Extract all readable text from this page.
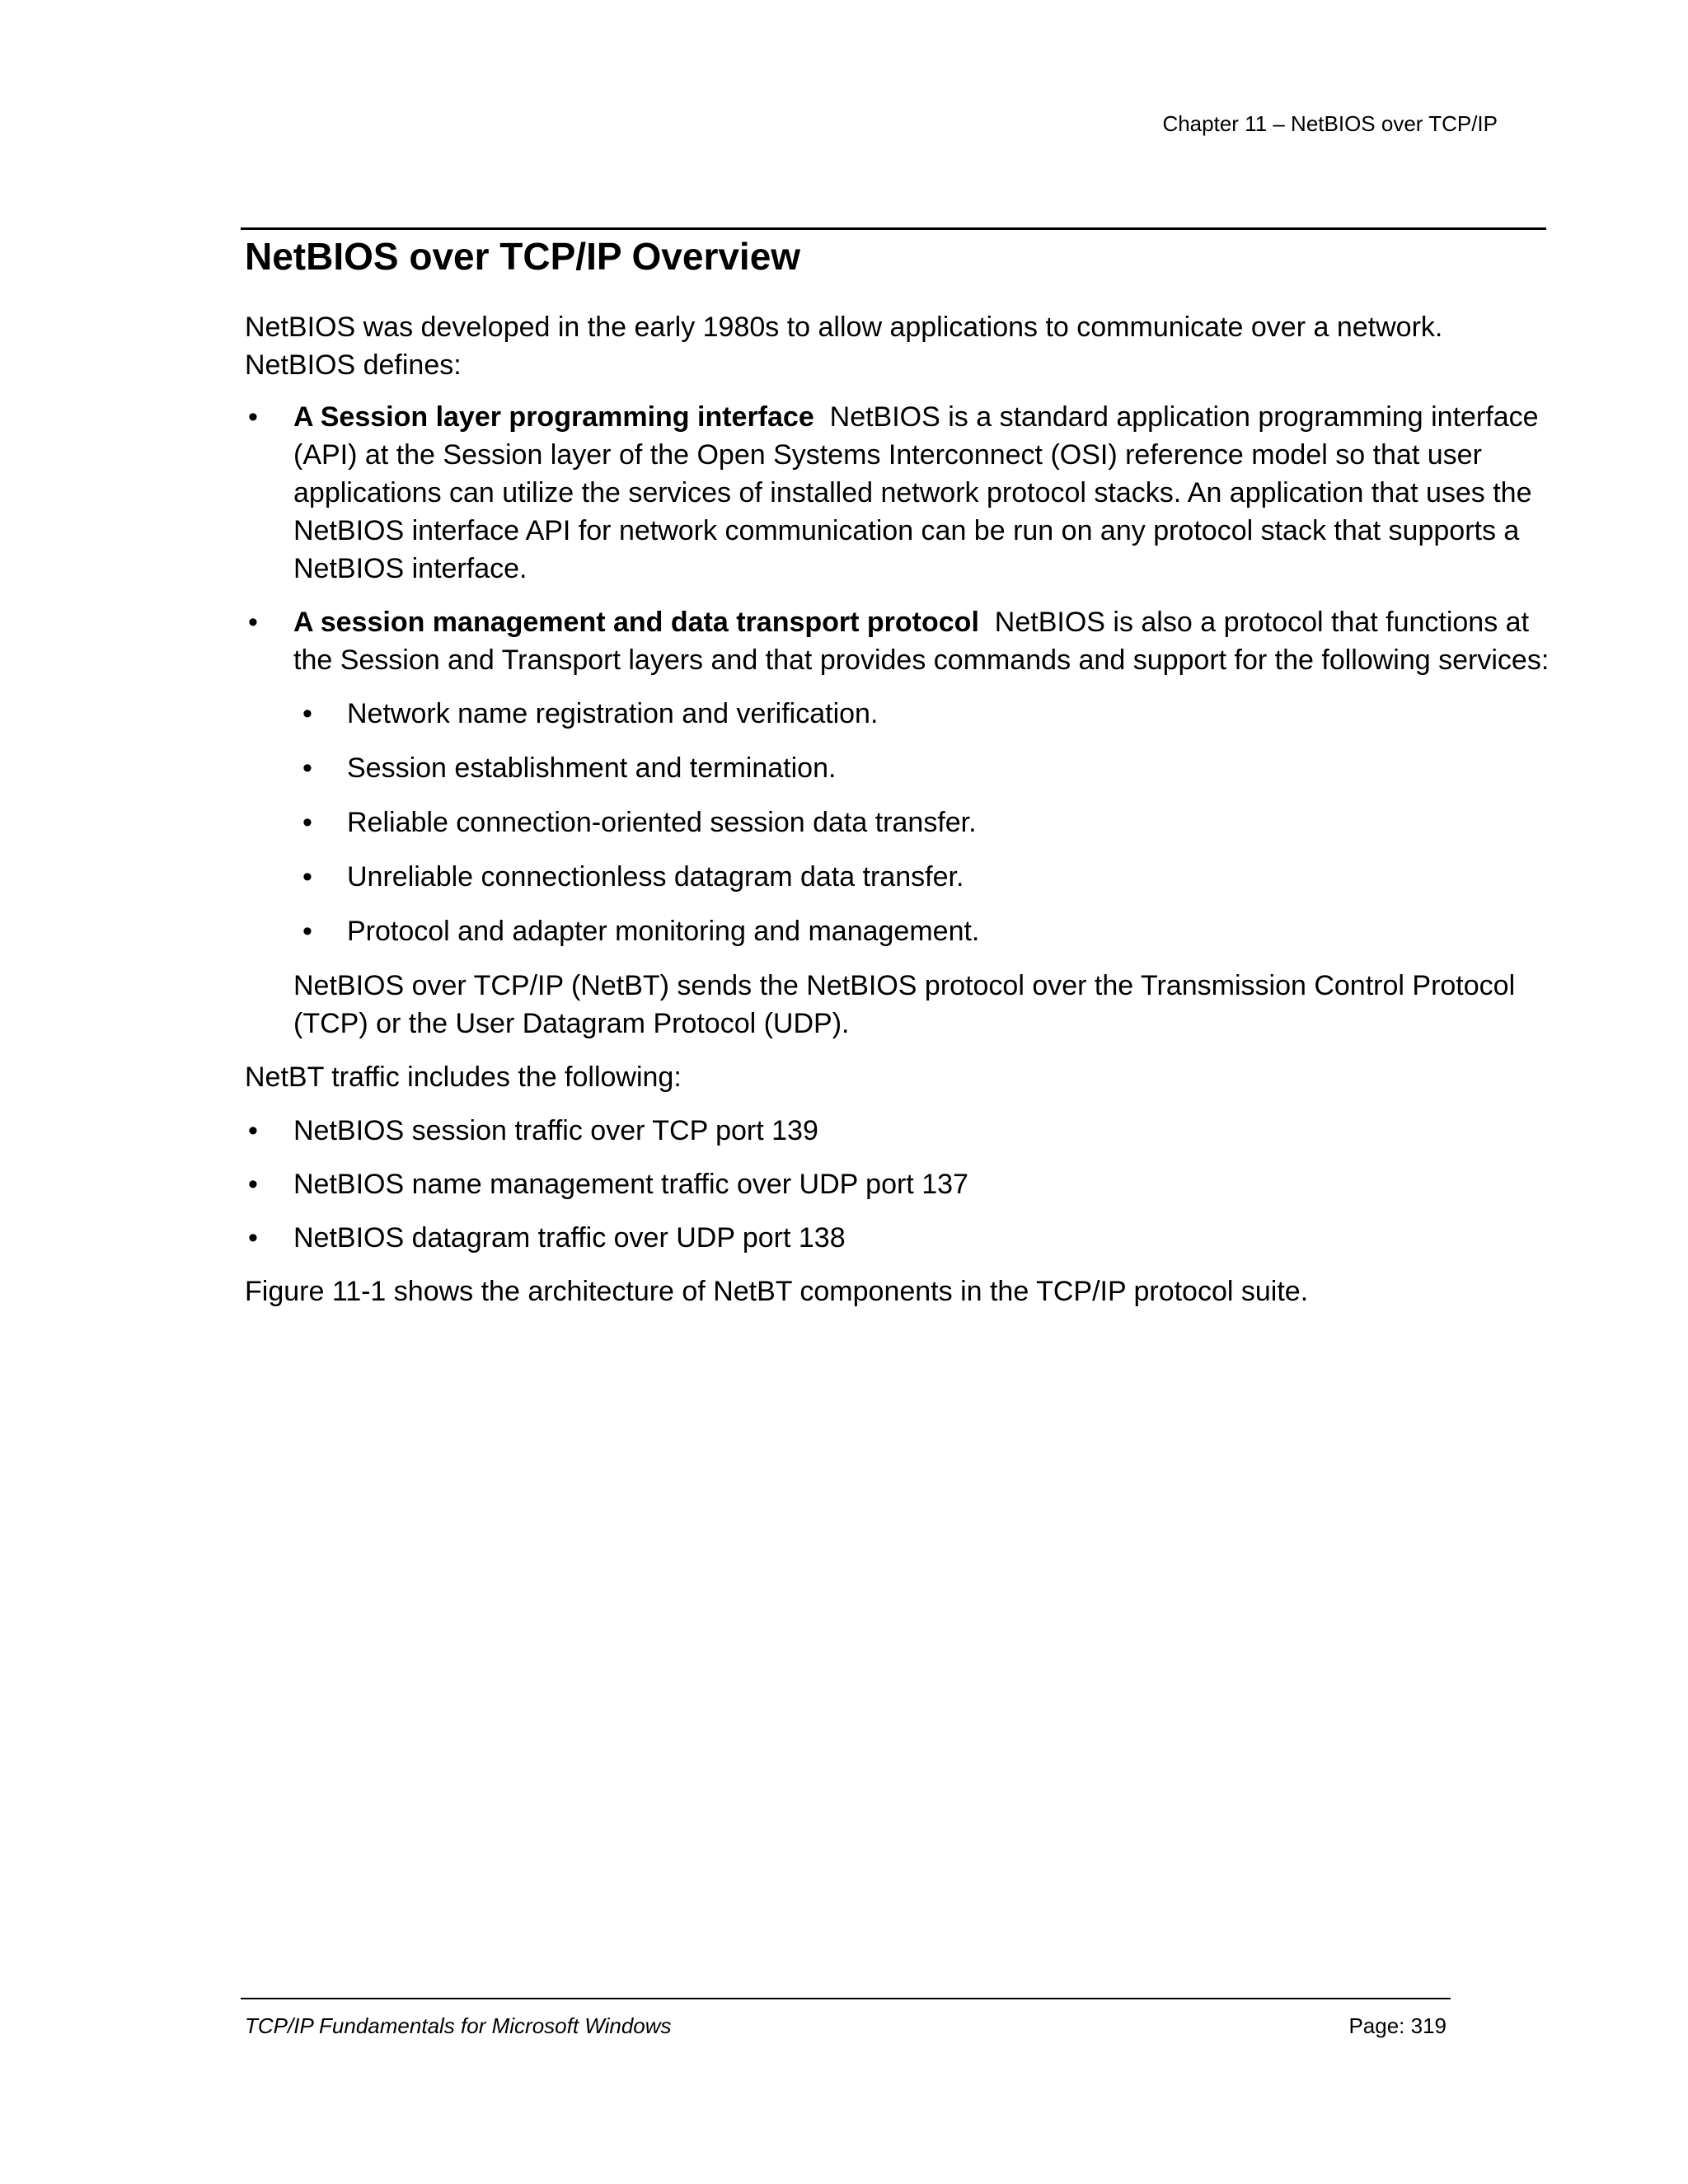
Chapter 11 – NetBIOS over TCP/IP
NetBIOS over TCP/IP Overview

NetBIOS was developed in the early 1980s to allow applications to communicate over a network.
NetBIOS defines:

• A Session layer programming interface NetBIOS is a standard application programming interface (API) at the Session layer of the Open Systems Interconnect (OSI) reference model so that user applications can utilize the services of installed network protocol stacks. An application that uses the NetBIOS interface API for network communication can be run on any protocol stack that supports a NetBIOS interface.
• A session management and data transport protocol NetBIOS is also a protocol that functions at the Session and Transport layers and that provides commands and support for the following services:
• Network name registration and verification.
• Session establishment and termination.
• Reliable connection-oriented session data transfer.
• Unreliable connectionless datagram data transfer.
• Protocol and adapter monitoring and management.

NetBIOS over TCP/IP (NetBT) sends the NetBIOS protocol over the Transmission Control Protocol (TCP) or the User Datagram Protocol (UDP).

NetBT traffic includes the following:

• NetBIOS session traffic over TCP port 139
• NetBIOS name management traffic over UDP port 137
• NetBIOS datagram traffic over UDP port 138

Figure 11-1 shows the architecture of NetBT components in the TCP/IP protocol suite.

TCP/IP Fundamentals for Microsoft Windows	Page: 319
